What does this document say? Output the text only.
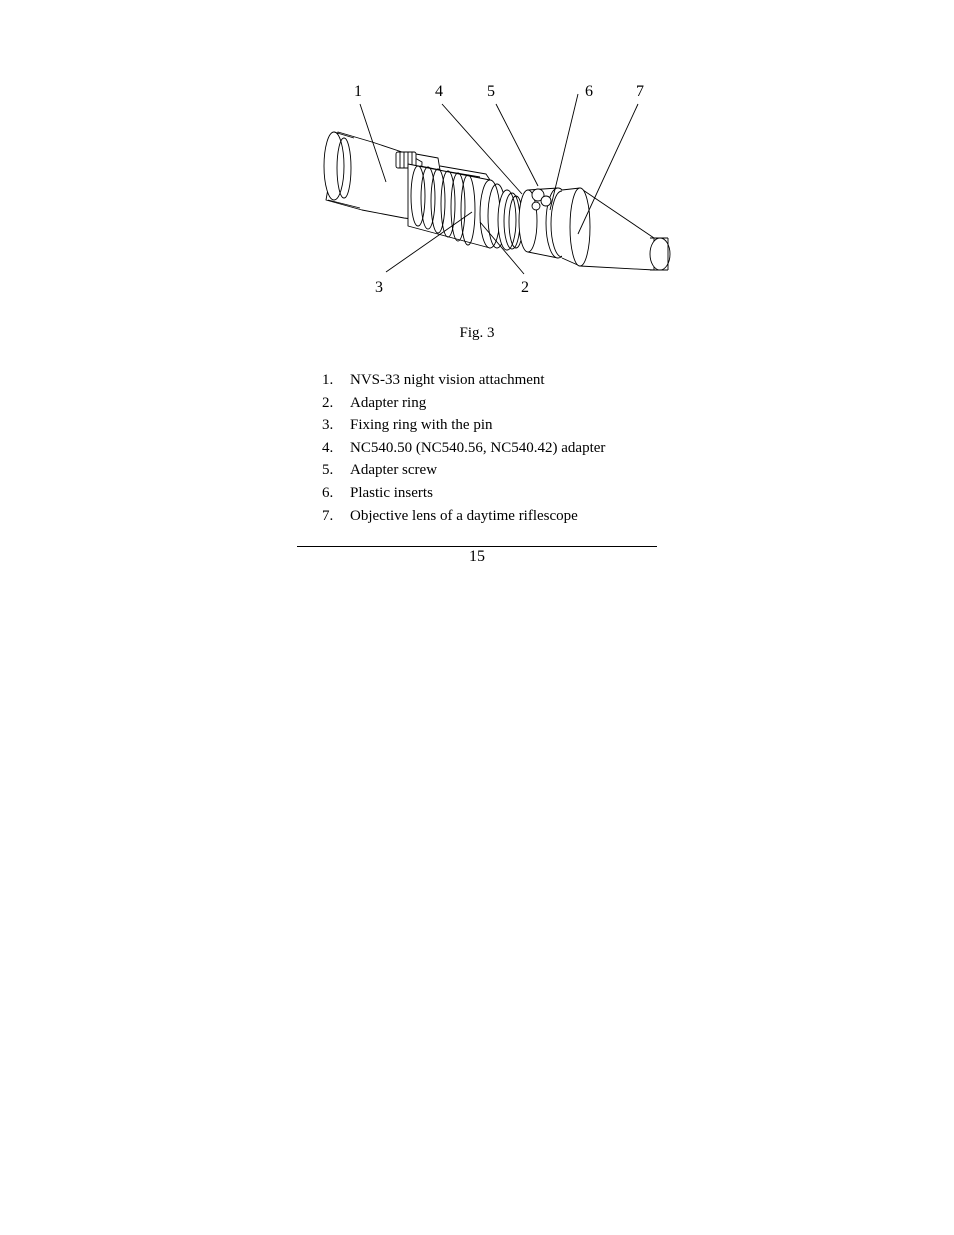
1	4	5	6	7
3	2
Fig. 3
1. NVS-33 night vision attachment
2. Adapter ring
3. Fixing ring with the pin
4. NC540.50 (NC540.56, NC540.42) adapter
5. Adapter screw
6. Plastic inserts
7. Objective lens of a daytime riflescope
15
